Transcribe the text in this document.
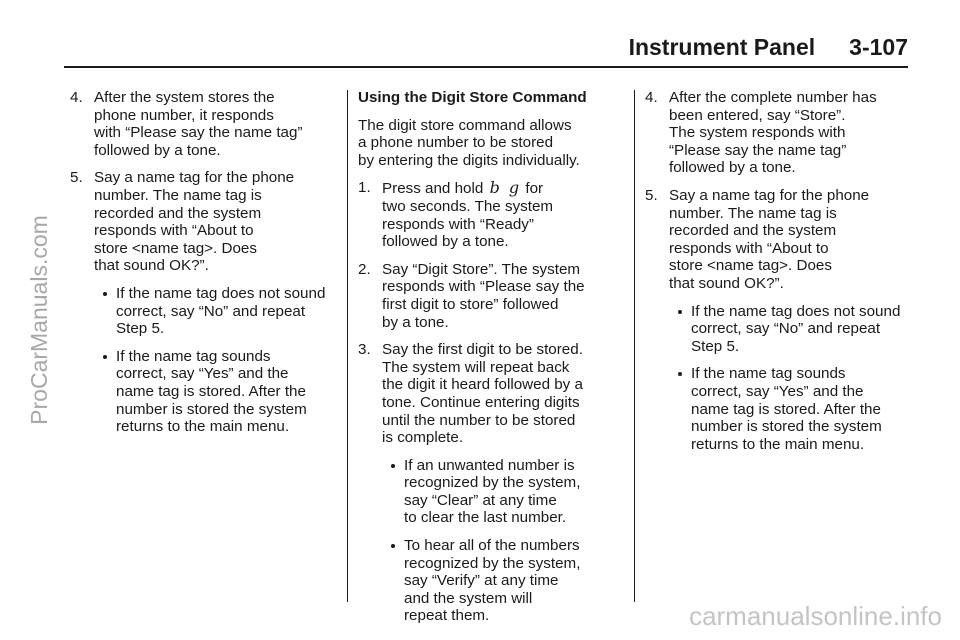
Instrument Panel 3-107
ProCarManuals.com
carmanualsonline.info
4. After the system stores the
phone number, it responds
with “Please say the name tag”
followed by a tone.
5. Say a name tag for the phone
number. The name tag is
recorded and the system
responds with “About to
store <name tag>. Does
that sound OK?”.
If the name tag does not sound
correct, say “No” and repeat
Step 5.
If the name tag sounds
correct, say “Yes” and the
name tag is stored. After the
number is stored the system
returns to the main menu.
Using the Digit Store Command
The digit store command allows
a phone number to be stored
by entering the digits individually.
1. Press and hold b g for
two seconds. The system
responds with “Ready”
followed by a tone.
2. Say “Digit Store”. The system
responds with “Please say the
first digit to store” followed
by a tone.
3. Say the first digit to be stored.
The system will repeat back
the digit it heard followed by a
tone. Continue entering digits
until the number to be stored
is complete.
If an unwanted number is
recognized by the system,
say “Clear” at any time
to clear the last number.
To hear all of the numbers
recognized by the system,
say “Verify” at any time
and the system will
repeat them.
4. After the complete number has
been entered, say “Store”.
The system responds with
“Please say the name tag”
followed by a tone.
5. Say a name tag for the phone
number. The name tag is
recorded and the system
responds with “About to
store <name tag>. Does
that sound OK?”.
If the name tag does not sound
correct, say “No” and repeat
Step 5.
If the name tag sounds
correct, say “Yes” and the
name tag is stored. After the
number is stored the system
returns to the main menu.
